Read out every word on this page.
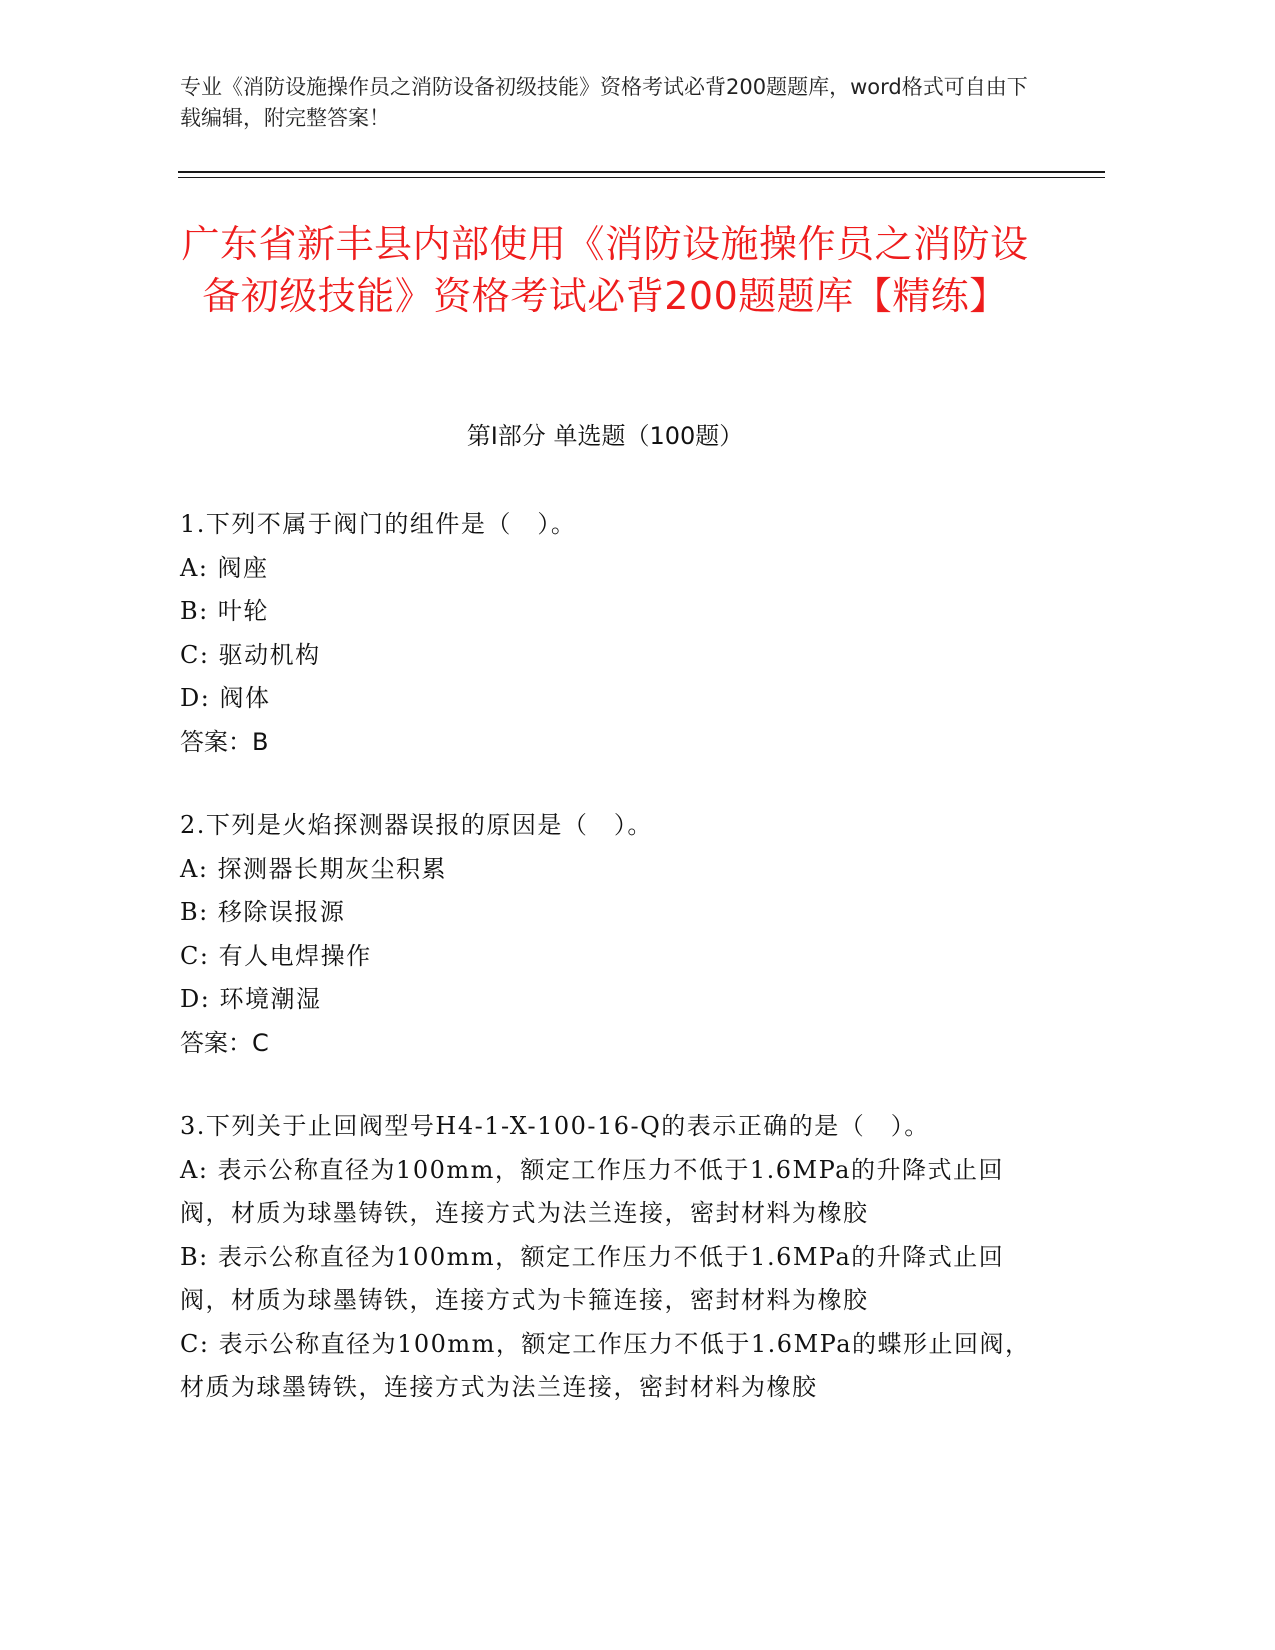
专业《消防设施操作员之消防设备初级技能》资格考试必背200题题库，word格式可自由下载编辑，附完整答案！
广东省新丰县内部使用《消防设施操作员之消防设备初级技能》资格考试必背200题题库【精练】
第I部分 单选题（100题）

1.下列不属于阀门的组件是（　）。

A: 阀座

B: 叶轮

C: 驱动机构

D: 阀体

答案：B

2.下列是火焰探测器误报的原因是（　）。

A: 探测器长期灰尘积累

B: 移除误报源

C: 有人电焊操作

D: 环境潮湿

答案：C

3.下列关于止回阀型号H4-1-X-100-16-Q的表示正确的是（　）。

A: 表示公称直径为100mm，额定工作压力不低于1.6MPa的升降式止回阀，材质为球墨铸铁，连接方式为法兰连接，密封材料为橡胶

B: 表示公称直径为100mm，额定工作压力不低于1.6MPa的升降式止回阀，材质为球墨铸铁，连接方式为卡箍连接，密封材料为橡胶

C: 表示公称直径为100mm，额定工作压力不低于1.6MPa的蝶形止回阀，材质为球墨铸铁，连接方式为法兰连接，密封材料为橡胶
